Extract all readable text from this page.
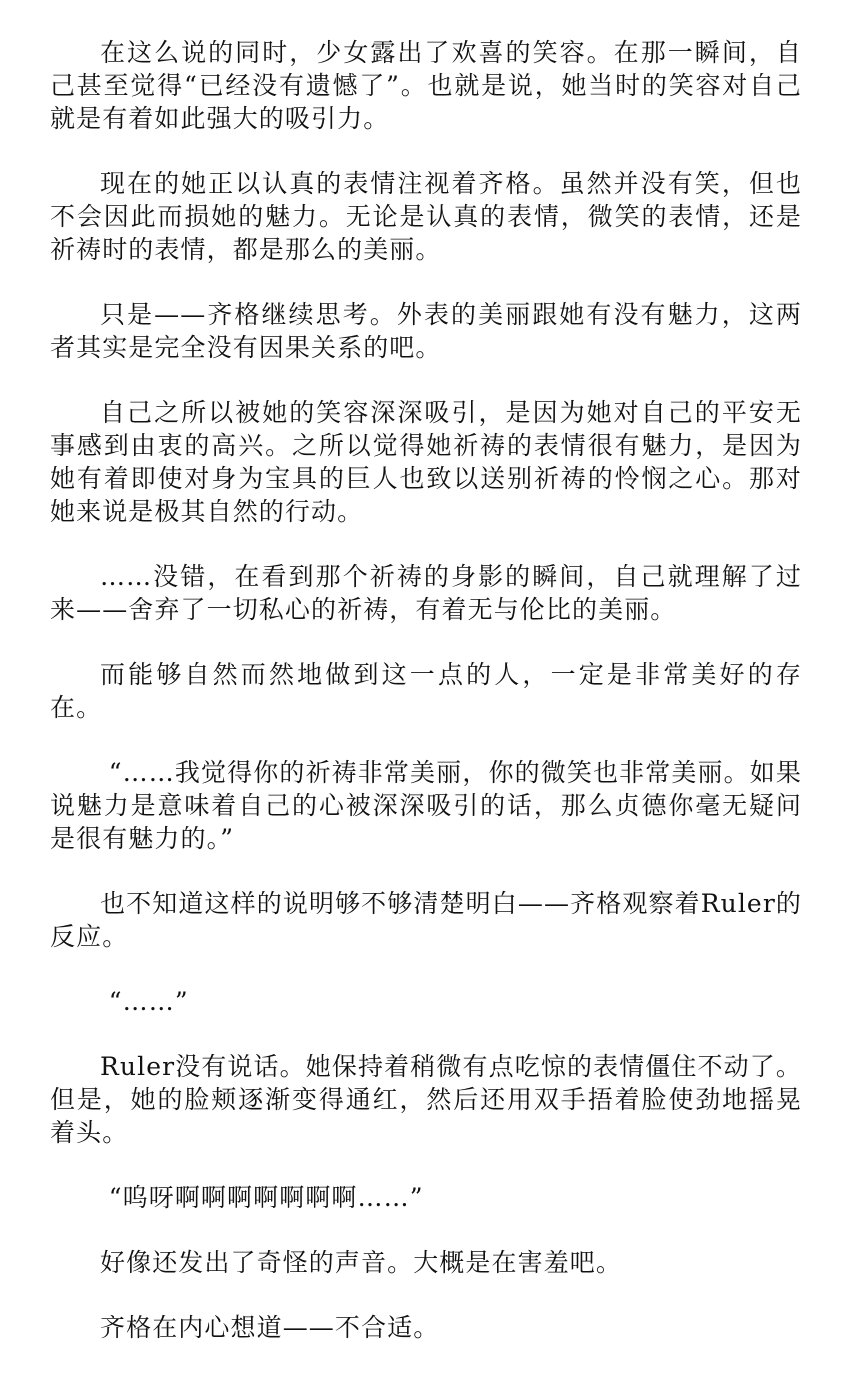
在这么说的同时，少女露出了欢喜的笑容。在那一瞬间，自己甚至觉得“已经没有遗憾了”。也就是说，她当时的笑容对自己就是有着如此强大的吸引力。

现在的她正以认真的表情注视着齐格。虽然并没有笑，但也不会因此而损她的魅力。无论是认真的表情，微笑的表情，还是祈祷时的表情，都是那么的美丽。

只是——齐格继续思考。外表的美丽跟她有没有魅力，这两者其实是完全没有因果关系的吧。

自己之所以被她的笑容深深吸引，是因为她对自己的平安无事感到由衷的高兴。之所以觉得她祈祷的表情很有魅力，是因为她有着即使对身为宝具的巨人也致以送别祈祷的怜悯之心。那对她来说是极其自然的行动。

……没错，在看到那个祈祷的身影的瞬间，自己就理解了过来——舍弃了一切私心的祈祷，有着无与伦比的美丽。

而能够自然而然地做到这一点的人，一定是非常美好的存在。

“……我觉得你的祈祷非常美丽，你的微笑也非常美丽。如果说魅力是意味着自己的心被深深吸引的话，那么贞德你毫无疑问是很有魅力的。”

也不知道这样的说明够不够清楚明白——齐格观察着Ruler的反应。

“……”

Ruler没有说话。她保持着稍微有点吃惊的表情僵住不动了。但是，她的脸颊逐渐变得通红，然后还用双手捂着脸使劲地摇晃着头。

“呜呀啊啊啊啊啊啊啊……”

好像还发出了奇怪的声音。大概是在害羞吧。

齐格在内心想道——不合适。
